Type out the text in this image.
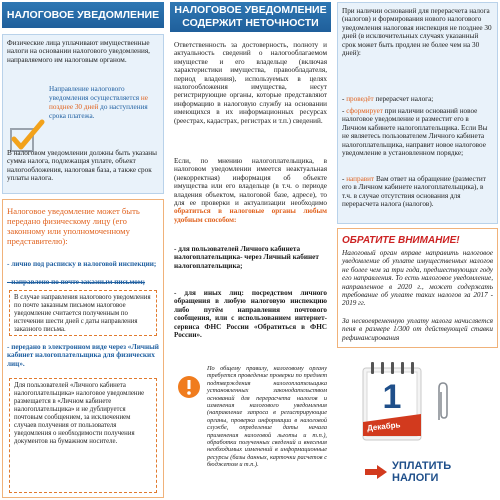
НАЛОГОВОЕ УВЕДОМЛЕНИЕ

Физические лица уплачивают имущественные налоги на основании налогового уведомления, направляемого им налоговым органом.

Направление налогового уведомления осуществляется не позднее 30 дней до наступления срока платежа.

В налоговом уведомлении должны быть указаны сумма налога, подлежащая уплате, объект налогообложения, налоговая база, а также срок уплаты налога.

Налоговое уведомление может быть передано физическому лицу (его законному или уполномоченному представителю):

- лично под расписку в налоговой инспекции;

- направлено по почте заказным письмом;

В случае направления налогового уведомления по почте заказным письмом налоговое уведомление считается полученным по истечении шести дней с даты направления заказного письма.

- передано в электронном виде через «Личный кабинет налогоплательщика для физических лиц».

Для пользователей «Личного кабинета налогоплательщика» налоговое уведомление размещается в «Личном кабинете налогоплательщика» и не дублируется почтовым сообщением, за исключением случаев получения от пользователя уведомления о необходимости получения документов на бумажном носителе.

НАЛОГОВОЕ УВЕДОМЛЕНИЕ
СОДЕРЖИТ НЕТОЧНОСТИ

Ответственность за достоверность, полноту и актуальность сведений о налогооблагаемом имуществе и его владельце (включая характеристики имущества, правообладателя, период владения), используемых в целях налогообложения имущества, несут регистрирующие органы, которые представляют информацию в налоговую службу на основании имеющихся в их информационных ресурсах (реестрах, кадастрах, регистрах и т.п.) сведений.

Если, по мнению налогоплательщика, в налоговом уведомлении имеется неактуальная (некорректная) информация об объекте имущества или его владельце (в т.ч. о периоде владения объектом, налоговой базе, адресе), то для ее проверки и актуализации необходимо обратиться в налоговые органы любым удобным способом:

- для пользователей Личного кабинета налогоплательщика- через Личный кабинет налогоплательщика;

- для иных лиц: посредством личного обращения в любую налоговую инспекцию либо путём направления почтового сообщения, или с использованием интернет-сервиса ФНС России «Обратиться в ФНС России».

По общему правилу, налоговому органу требуется проведение проверки по предмет подтверждения налогоплательщика установленных законодательством оснований для перерасчета налогов и изменения налогового уведомления (направление запроса в регистрирующие органы, проверка информации в налоговой службе, определение даты начала применения налоговой льготы и т.п.), обработки полученных сведений и внесения необходимых изменений в информационные ресурсы (базы данных, карточки расчетов с бюджетом и т.п.).

При наличии оснований для перерасчета налога (налогов) и формирования нового налогового уведомления налоговая инспекция не позднее 30 дней (в исключительных случаях указанный срок может быть продлен не более чем на 30 дней):

- проведёт перерасчет налога;

- сформирует при наличии оснований новое налоговое уведомление и разместит его в Личном кабинете налогоплательщика. Если Вы не являетесь пользователем Личного кабинета налогоплательщика, направит новое налоговое уведомление в установленном порядке;

- направит Вам ответ на обращение (разместит его в Личном кабинете налогоплательщика), в т.ч. в случае отсутствия основания для перерасчета налога (налогов).

ОБРАТИТЕ ВНИМАНИЕ!

Налоговый орган вправе направить налоговое уведомление об уплате имущественных налогов не более чем за три года, предшествующих году его направления. То есть налоговое уведомление, направленное в 2020 г., может содержать требование об уплате таких налогов за 2017 - 2019 гг.

За несвоевременную уплату налога начисляется пеня в размере 1/300 от действующей ставки рефинансирования

1
Декабрь
УПЛАТИТЬ НАЛОГИ
